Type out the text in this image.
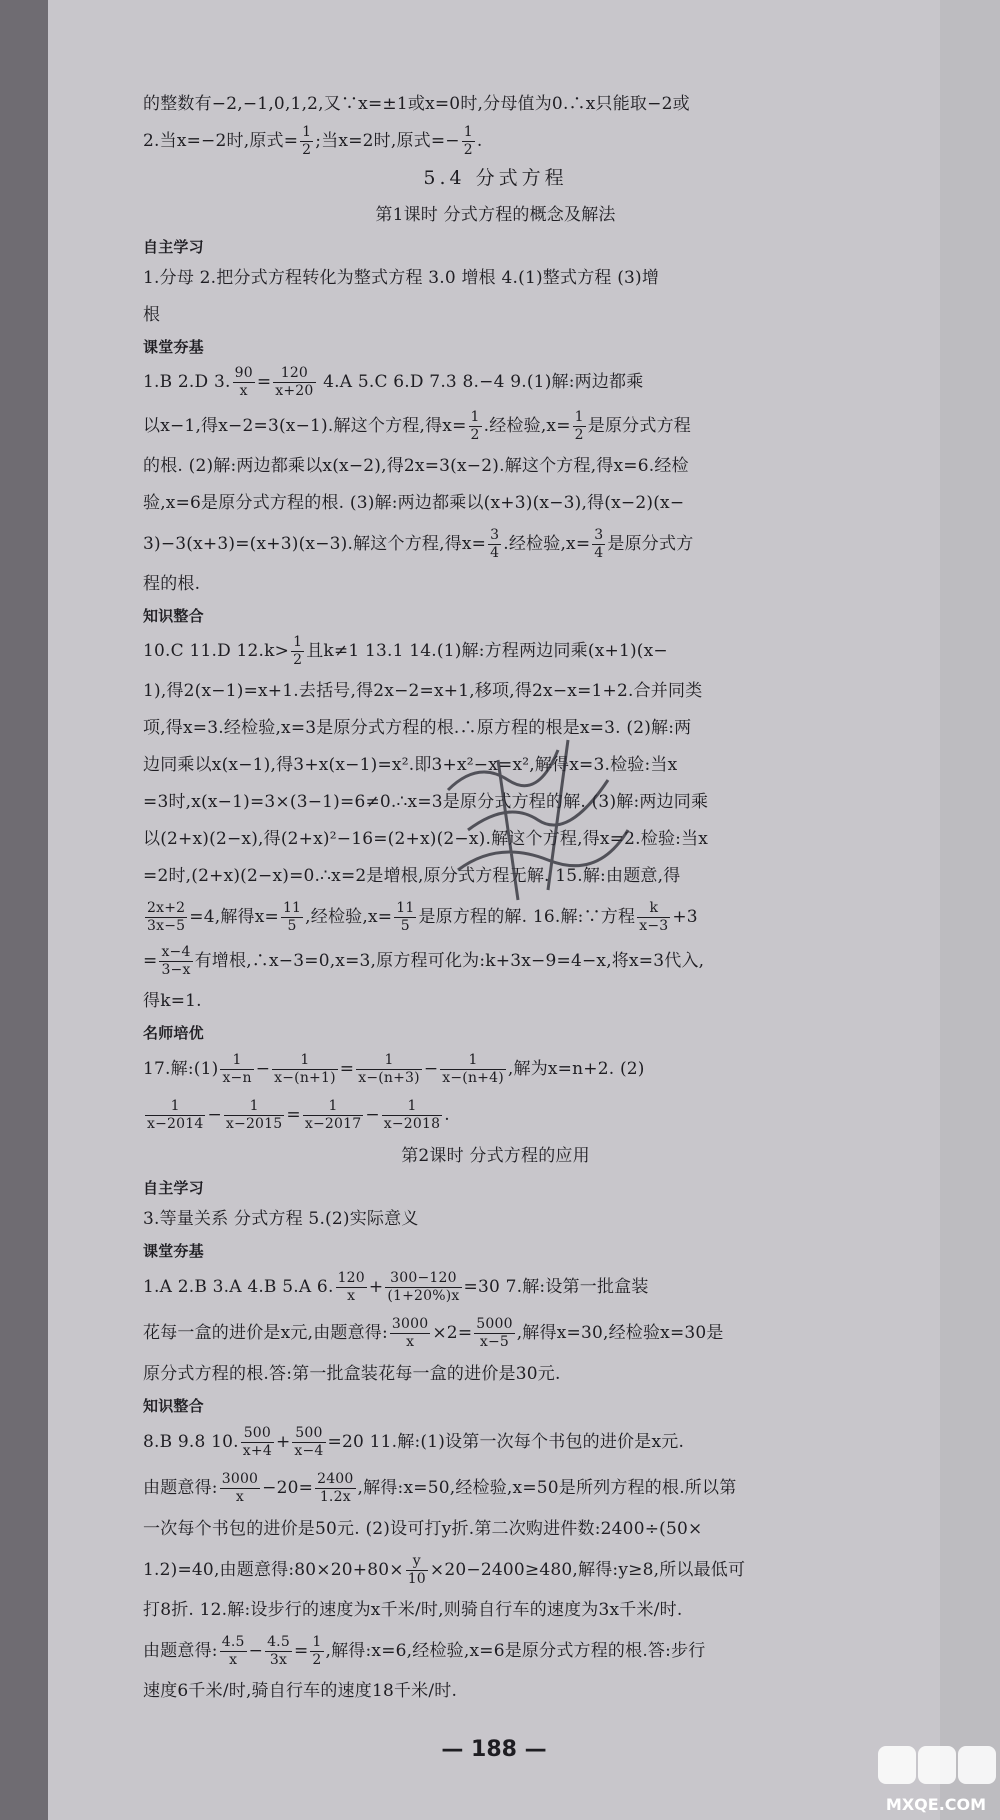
的整数有−2,−1,0,1,2,又∵x=±1或x=0时,分母值为0.∴x只能取−2或
2.当x=−2时,原式= $\frac{1}{2}$ ;当x=2时,原式=− $\frac{1}{2}$ .
5.4 分式方程
第1课时 分式方程的概念及解法
自主学习
1.分母 2.把分式方程转化为整式方程 3.0 增根 4.(1)整式方程 (3)增
根
课堂夯基
1.B 2.D 3. $\frac{90}{x} = \frac{120}{x+20} 4.A$ 5.C 6.D 7.3 8.−4 9.(1)解:两边都乘
以x−1,得x−2=3(x−1).解这个方程,得$x= \frac{1}{2}$ .经检验$,x= \frac{1}{2}$ 是原分式方程
的根. (2)解:两边都乘以x(x−2),得2x=3(x−2).解这个方程,得x=6.经检
验,x=6是原分式方程的根. (3)解:两边都乘以(x+3)(x−3),得(x−2)(x−
3)−3(x+3)=(x+3)(x−3).解这个方程,得$x= \frac{3}{4}$ .经检验$,x= \frac{3}{4}$ 是原分式方
程的根.
知识整合
10.C 11.D $12.k> \frac{1}{2}$ 且k≠1 13.1 14.(1)解:方程两边同乘(x+1)(x−
1),得2(x−1)=x+1.去括号,得2x−2=x+1,移项,得2x−x=1+2.合并同类
项,得x=3.经检验,x=3是原分式方程的根.∴原方程的根是x=3. (2)解:两
边同乘以x(x−1),得3+x(x−1)=x².即3+x²−x=x²,解得x=3.检验:当x
=3时,x(x−1)=3×(3−1)=6≠0.∴x=3是原分式方程的解. (3)解:两边同乘
以(2+x)(2−x),得(2+x)²−16=(2+x)(2−x).解这个方程,得x=2.检验:当x
=2时,(2+x)(2−x)=0.∴x=2是增根,原分式方程无解. 15.解:由题意,得
$\frac{2x+2}{3x-5} =4$,解得$x= \frac{11}{5}$ ,经检验$,x= \frac{11}{5}$ 是原方程的解. 16.解:∵方程 $\frac{k}{x-3} +3$
= $\frac{x-4}{3-x}$ 有增根,∴x−3=0,x=3,原方程可化为:k+3x−9=4−x,将x=3代入,
得k=1.
名师培优
17.解:(1) $\frac{1}{x-n} - \frac{1}{x-(n+1)} = \frac{1}{x-(n+3)} - \frac{1}{x-(n+4)}$ ,解为x=n+2. (2)
$\frac{1}{x-2014} - \frac{1}{x-2015} = \frac{1}{x-2017} - \frac{1}{x-2018}$ .
第2课时 分式方程的应用
自主学习
3.等量关系 分式方程 5.(2)实际意义
课堂夯基
1.A 2.B 3.A 4.B 5.A 6. $\frac{120}{x} + \frac{300-120}{(1+20\%)x} =30$ 7.解:设第一批盒装
花每一盒的进价是x元,由题意得: $\frac{3000}{x} \times 2= \frac{5000}{x-5}$ ,解得x=30,经检验x=30是
原分式方程的根.答:第一批盒装花每一盒的进价是30元.
知识整合
8.B 9.8 10. $\frac{500}{x+4} + \frac{500}{x-4} =20$ 11.解:(1)设第一次每个书包的进价是x元.
由题意得: $\frac{3000}{x} -20= \frac{2400}{1.2x}$ ,解得:x=50,经检验,x=50是所列方程的根.所以第
一次每个书包的进价是50元. (2)设可打y折.第二次购进件数:2400÷(50×
1.2)=40,由题意得:80×20+80× $\frac{y}{10} \times 20-2400\ge 480$,解得:y≥8,所以最低可
打8折. 12.解:设步行的速度为x千米/时,则骑自行车的速度为3x千米/时.
由题意得: $\frac{4.5}{x} - \frac{4.5}{3x} = \frac{1}{2}$ ,解得:x=6,经检验,x=6是原分式方程的根.答:步行
速度6千米/时,骑自行车的速度18千米/时.
— 188 —
MXQE.COM
